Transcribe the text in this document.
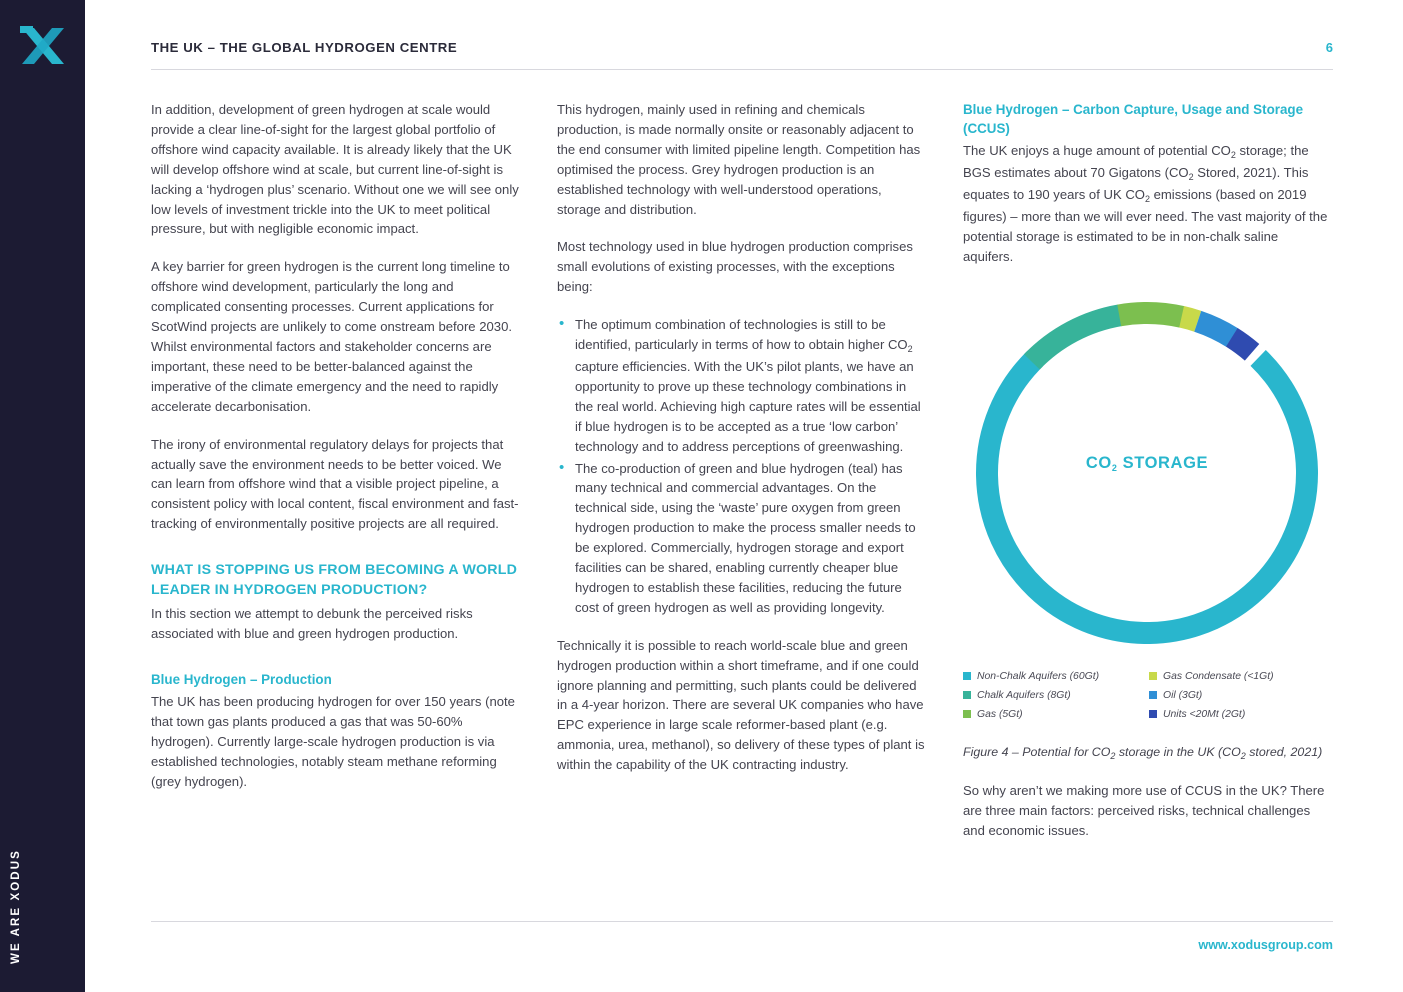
WE ARE XODUS
THE UK – THE GLOBAL HYDROGEN CENTRE	6

In addition, development of green hydrogen at scale would provide a clear line-of-sight for the largest global portfolio of offshore wind capacity available. It is already likely that the UK will develop offshore wind at scale, but current line-of-sight is lacking a ‘hydrogen plus’ scenario. Without one we will see only low levels of investment trickle into the UK to meet political pressure, but with negligible economic impact.

A key barrier for green hydrogen is the current long timeline to offshore wind development, particularly the long and complicated consenting processes. Current applications for ScotWind projects are unlikely to come onstream before 2030. Whilst environmental factors and stakeholder concerns are important, these need to be better-balanced against the imperative of the climate emergency and the need to rapidly accelerate decarbonisation.

The irony of environmental regulatory delays for projects that actually save the environment needs to be better voiced. We can learn from offshore wind that a visible project pipeline, a consistent policy with local content, fiscal environment and fast-tracking of environmentally positive projects are all required.

WHAT IS STOPPING US FROM BECOMING A WORLD LEADER IN HYDROGEN PRODUCTION?

In this section we attempt to debunk the perceived risks associated with blue and green hydrogen production.

Blue Hydrogen – Production

The UK has been producing hydrogen for over 150 years (note that town gas plants produced a gas that was 50-60% hydrogen). Currently large-scale hydrogen production is via established technologies, notably steam methane reforming (grey hydrogen).

This hydrogen, mainly used in refining and chemicals production, is made normally onsite or reasonably adjacent to the end consumer with limited pipeline length. Competition has optimised the process. Grey hydrogen production is an established technology with well-understood operations, storage and distribution.

Most technology used in blue hydrogen production comprises small evolutions of existing processes, with the exceptions being:

• The optimum combination of technologies is still to be identified, particularly in terms of how to obtain higher $CO_2$ capture efficiencies. With the UK’s pilot plants, we have an opportunity to prove up these technology combinations in the real world. Achieving high capture rates will be essential if blue hydrogen is to be accepted as a true ‘low carbon’ technology and to address perceptions of greenwashing.
• The co-production of green and blue hydrogen (teal) has many technical and commercial advantages. On the technical side, using the ‘waste’ pure oxygen from green hydrogen production to make the process smaller needs to be explored. Commercially, hydrogen storage and export facilities can be shared, enabling currently cheaper blue hydrogen to establish these facilities, reducing the future cost of green hydrogen as well as providing longevity.

Technically it is possible to reach world-scale blue and green hydrogen production within a short timeframe, and if one could ignore planning and permitting, such plants could be delivered in a 4-year horizon. There are several UK companies who have EPC experience in large scale reformer-based plant (e.g. ammonia, urea, methanol), so delivery of these types of plant is within the capability of the UK contracting industry.

Blue Hydrogen – Carbon Capture, Usage and Storage (CCUS)

The UK enjoys a huge amount of potential $CO_2$ storage; the BGS estimates about 70 Gigatons ($CO_2$ Stored, 2021). This equates to 190 years of UK $CO_2$ emissions (based on 2019 figures) – more than we will ever need. The vast majority of the potential storage is estimated to be in non-chalk saline aquifers.

$CO_2$ STORAGE
Non-Chalk Aquifers (60Gt)	Gas Condensate (<1Gt)
Chalk Aquifers (8Gt)	Oil (3Gt)
Gas (5Gt)	Units <20Mt (2Gt)
Figure 4 – Potential for $CO_2$ storage in the UK ($CO_2$ stored, 2021)
So why aren’t we making more use of CCUS in the UK? There are three main factors: perceived risks, technical challenges and economic issues.
www.xodusgroup.com
